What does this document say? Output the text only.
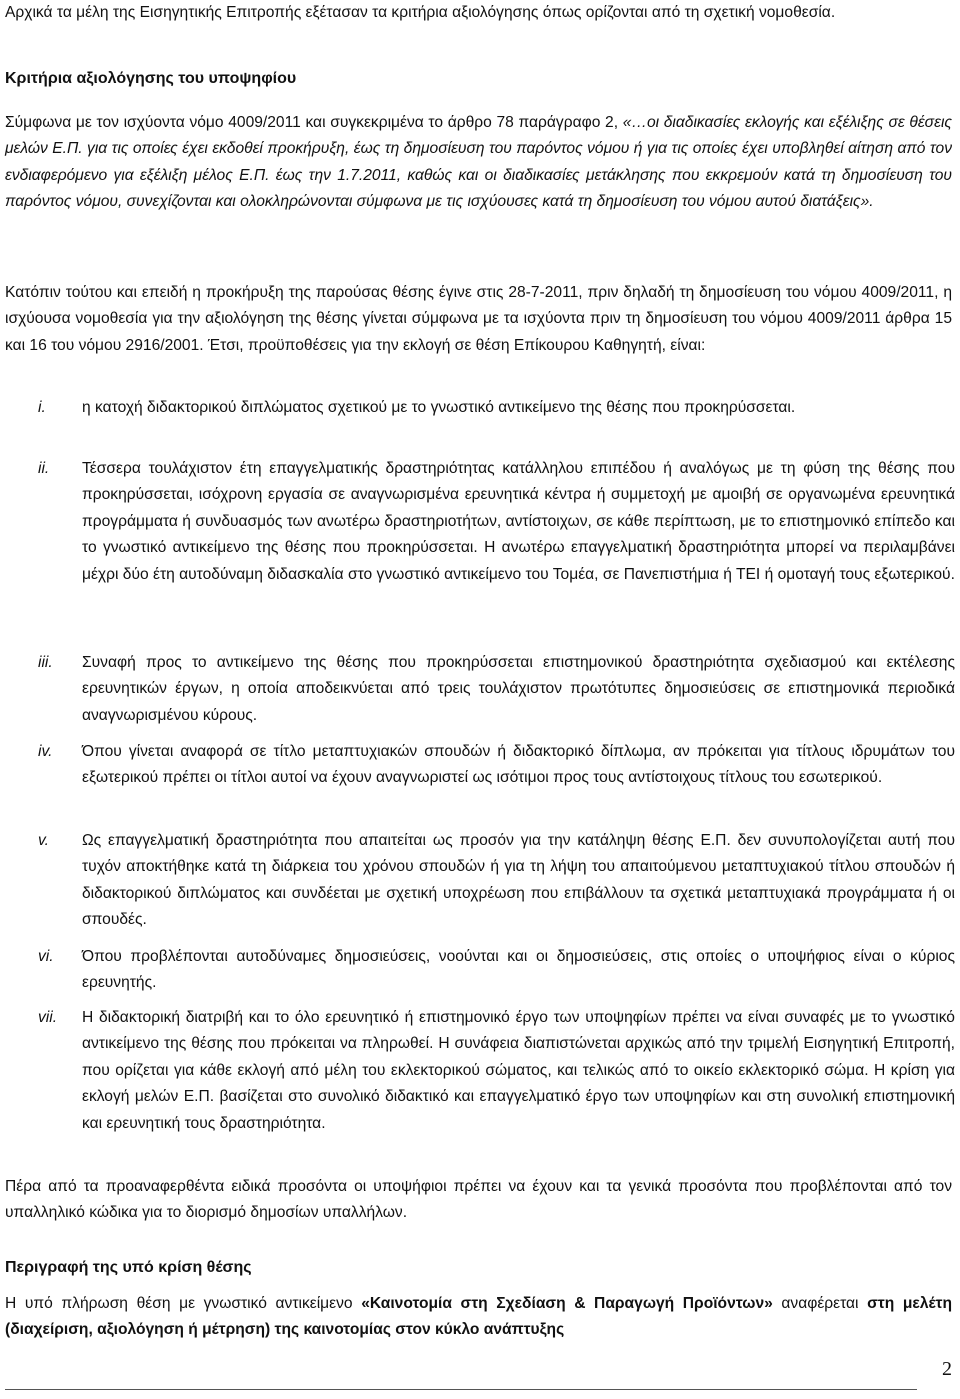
Αρχικά τα μέλη της Εισηγητικής Επιτροπής εξέτασαν τα κριτήρια αξιολόγησης όπως ορίζονται από τη σχετική νομοθεσία.
Κριτήρια αξιολόγησης του υποψηφίου
Σύμφωνα με τον ισχύοντα νόμο 4009/2011 και συγκεκριμένα το άρθρο 78 παράγραφο 2, «…οι διαδικασίες εκλογής και εξέλιξης σε θέσεις μελών Ε.Π. για τις οποίες έχει εκδοθεί προκήρυξη, έως τη δημοσίευση του παρόντος νόμου ή για τις οποίες έχει υποβληθεί αίτηση από τον ενδιαφερόμενο για εξέλιξη μέλος Ε.Π. έως την 1.7.2011, καθώς και οι διαδικασίες μετάκλησης που εκκρεμούν κατά τη δημοσίευση του παρόντος νόμου, συνεχίζονται και ολοκληρώνονται σύμφωνα με τις ισχύουσες κατά τη δημοσίευση του νόμου αυτού διατάξεις».
Κατόπιν τούτου και επειδή η προκήρυξη της παρούσας θέσης έγινε στις 28-7-2011, πριν δηλαδή τη δημοσίευση του νόμου 4009/2011, η ισχύουσα νομοθεσία για την αξιολόγηση της θέσης γίνεται σύμφωνα με τα ισχύοντα πριν τη δημοσίευση του νόμου 4009/2011 άρθρα 15 και 16 του νόμου 2916/2001. Έτσι, προϋποθέσεις για την εκλογή σε θέση Επίκουρου Καθηγητή, είναι:
i. η κατοχή διδακτορικού διπλώματος σχετικού με το γνωστικό αντικείμενο της θέσης που προκηρύσσεται.
ii. Τέσσερα τουλάχιστον έτη επαγγελματικής δραστηριότητας κατάλληλου επιπέδου ή αναλόγως με τη φύση της θέσης που προκηρύσσεται, ισόχρονη εργασία σε αναγνωρισμένα ερευνητικά κέντρα ή συμμετοχή με αμοιβή σε οργανωμένα ερευνητικά προγράμματα ή συνδυασμός των ανωτέρω δραστηριοτήτων, αντίστοιχων, σε κάθε περίπτωση, με το επιστημονικό επίπεδο και το γνωστικό αντικείμενο της θέσης που προκηρύσσεται. Η ανωτέρω επαγγελματική δραστηριότητα μπορεί να περιλαμβάνει μέχρι δύο έτη αυτοδύναμη διδασκαλία στο γνωστικό αντικείμενο του Τομέα, σε Πανεπιστήμια ή ΤΕΙ ή ομοταγή τους εξωτερικού.
iii. Συναφή προς το αντικείμενο της θέσης που προκηρύσσεται επιστημονικού δραστηριότητα σχεδιασμού και εκτέλεσης ερευνητικών έργων, η οποία αποδεικνύεται από τρεις τουλάχιστον πρωτότυπες δημοσιεύσεις σε επιστημονικά περιοδικά αναγνωρισμένου κύρους.
iv. Όπου γίνεται αναφορά σε τίτλο μεταπτυχιακών σπουδών ή διδακτορικό δίπλωμα, αν πρόκειται για τίτλους ιδρυμάτων του εξωτερικού πρέπει οι τίτλοι αυτοί να έχουν αναγνωριστεί ως ισότιμοι προς τους αντίστοιχους τίτλους του εσωτερικού.
v. Ως επαγγελματική δραστηριότητα που απαιτείται ως προσόν για την κατάληψη θέσης Ε.Π. δεν συνυπολογίζεται αυτή που τυχόν αποκτήθηκε κατά τη διάρκεια του χρόνου σπουδών ή για τη λήψη του απαιτούμενου μεταπτυχιακού τίτλου σπουδών ή διδακτορικού διπλώματος και συνδέεται με σχετική υποχρέωση που επιβάλλουν τα σχετικά μεταπτυχιακά προγράμματα ή οι σπουδές.
vi. Όπου προβλέπονται αυτοδύναμες δημοσιεύσεις, νοούνται και οι δημοσιεύσεις, στις οποίες ο υποψήφιος είναι ο κύριος ερευνητής.
vii. Η διδακτορική διατριβή και το όλο ερευνητικό ή επιστημονικό έργο των υποψηφίων πρέπει να είναι συναφές με το γνωστικό αντικείμενο της θέσης που πρόκειται να πληρωθεί. Η συνάφεια διαπιστώνεται αρχικώς από την τριμελή Εισηγητική Επιτροπή, που ορίζεται για κάθε εκλογή από μέλη του εκλεκτορικού σώματος, και τελικώς από το οικείο εκλεκτορικό σώμα. Η κρίση για εκλογή μελών Ε.Π. βασίζεται στο συνολικό διδακτικό και επαγγελματικό έργο των υποψηφίων και στη συνολική επιστημονική και ερευνητική τους δραστηριότητα.
Πέρα από τα προαναφερθέντα ειδικά προσόντα οι υποψήφιοι πρέπει να έχουν και τα γενικά προσόντα που προβλέπονται από τον υπαλληλικό κώδικα για το διορισμό δημοσίων υπαλλήλων.
Περιγραφή της υπό κρίση θέσης
Η υπό πλήρωση θέση με γνωστικό αντικείμενο «Καινοτομία στη Σχεδίαση & Παραγωγή Προϊόντων» αναφέρεται στη μελέτη (διαχείριση, αξιολόγηση ή μέτρηση) της καινοτομίας στον κύκλο ανάπτυξης
2
